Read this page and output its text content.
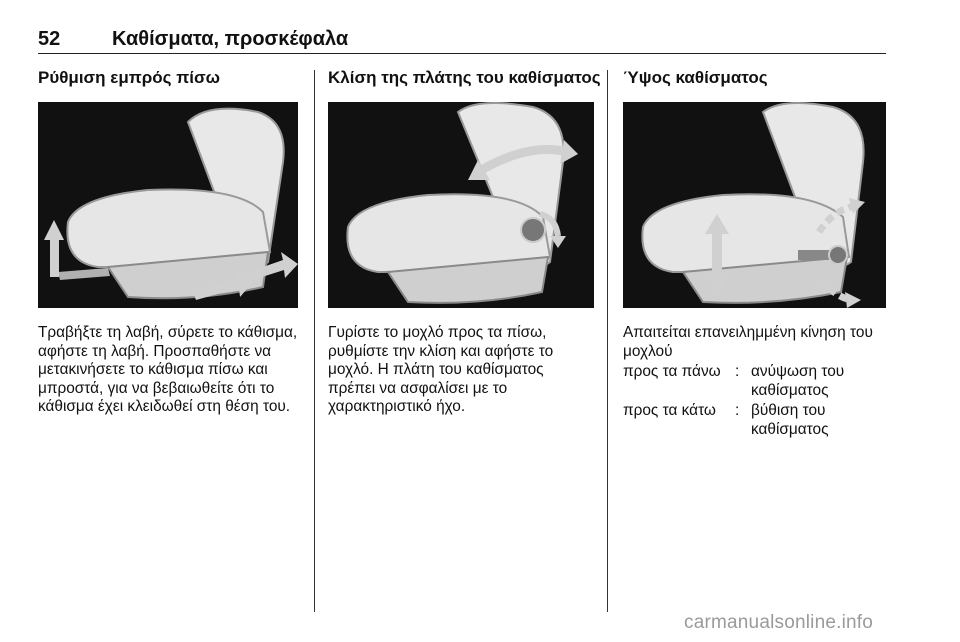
52	Καθίσματα, προσκέφαλα
Ρύθμιση εμπρός πίσω
Τραβήξτε τη λαβή, σύρετε το κάθισμα, αφήστε τη λαβή. Προσπαθήστε να μετακινήσετε το κάθισμα πίσω και μπροστά, για να βεβαιωθείτε ότι το κάθισμα έχει κλειδωθεί στη θέση του.
Κλίση της πλάτης του καθίσματος
Γυρίστε το μοχλό προς τα πίσω, ρυθμίστε την κλίση και αφήστε το μοχλό. Η πλάτη του καθίσματος πρέπει να ασφαλίσει με το χαρακτηριστικό ήχο.
Ύψος καθίσματος
Απαιτείται επανειλημμένη κίνηση του μοχλού
προς τα πάνω : ανύψωση του καθίσματος
προς τα κάτω	: βύθιση του καθίσματος
carmanualsonline.info
